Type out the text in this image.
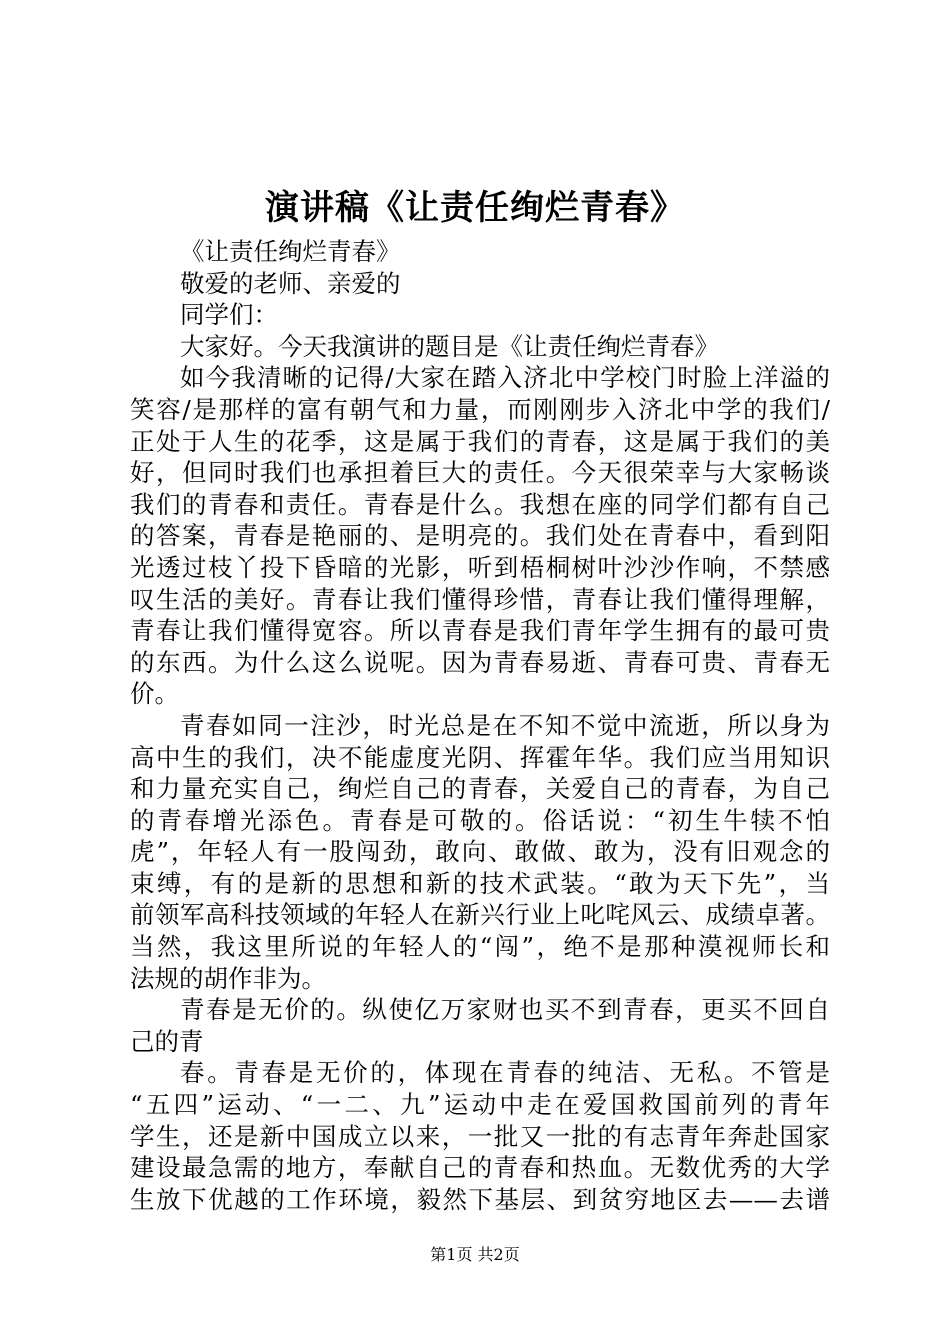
演讲稿《让责任绚烂青春》
《让责任绚烂青春》
敬爱的老师、亲爱的
同学们：
大家好。今天我演讲的题目是《让责任绚烂青春》
如今我清晰的记得/大家在踏入济北中学校门时脸上洋溢的
笑容/是那样的富有朝气和力量，而刚刚步入济北中学的我们/
正处于人生的花季，这是属于我们的青春，这是属于我们的美
好，但同时我们也承担着巨大的责任。今天很荣幸与大家畅谈
我们的青春和责任。青春是什么。我想在座的同学们都有自己
的答案，青春是艳丽的、是明亮的。我们处在青春中，看到阳
光透过枝丫投下昏暗的光影，听到梧桐树叶沙沙作响，不禁感
叹生活的美好。青春让我们懂得珍惜，青春让我们懂得理解，
青春让我们懂得宽容。所以青春是我们青年学生拥有的最可贵
的东西。为什么这么说呢。因为青春易逝、青春可贵、青春无
价。
青春如同一注沙，时光总是在不知不觉中流逝，所以身为
高中生的我们，决不能虚度光阴、挥霍年华。我们应当用知识
和力量充实自己，绚烂自己的青春，关爱自己的青春，为自己
的青春增光添色。青春是可敬的。俗话说：“初生牛犊不怕
虎”，年轻人有一股闯劲，敢向、敢做、敢为，没有旧观念的
束缚，有的是新的思想和新的技术武装。“敢为天下先”，当
前领军高科技领域的年轻人在新兴行业上叱咤风云、成绩卓著。
当然，我这里所说的年轻人的“闯”，绝不是那种漠视师长和
法规的胡作非为。
青春是无价的。纵使亿万家财也买不到青春，更买不回自
己的青
春。青春是无价的，体现在青春的纯洁、无私。不管是
“五四”运动、“一二、九”运动中走在爱国救国前列的青年
学生，还是新中国成立以来，一批又一批的有志青年奔赴国家
建设最急需的地方，奉献自己的青春和热血。无数优秀的大学
生放下优越的工作环境，毅然下基层、到贫穷地区去——去谱
第1页 共2页
